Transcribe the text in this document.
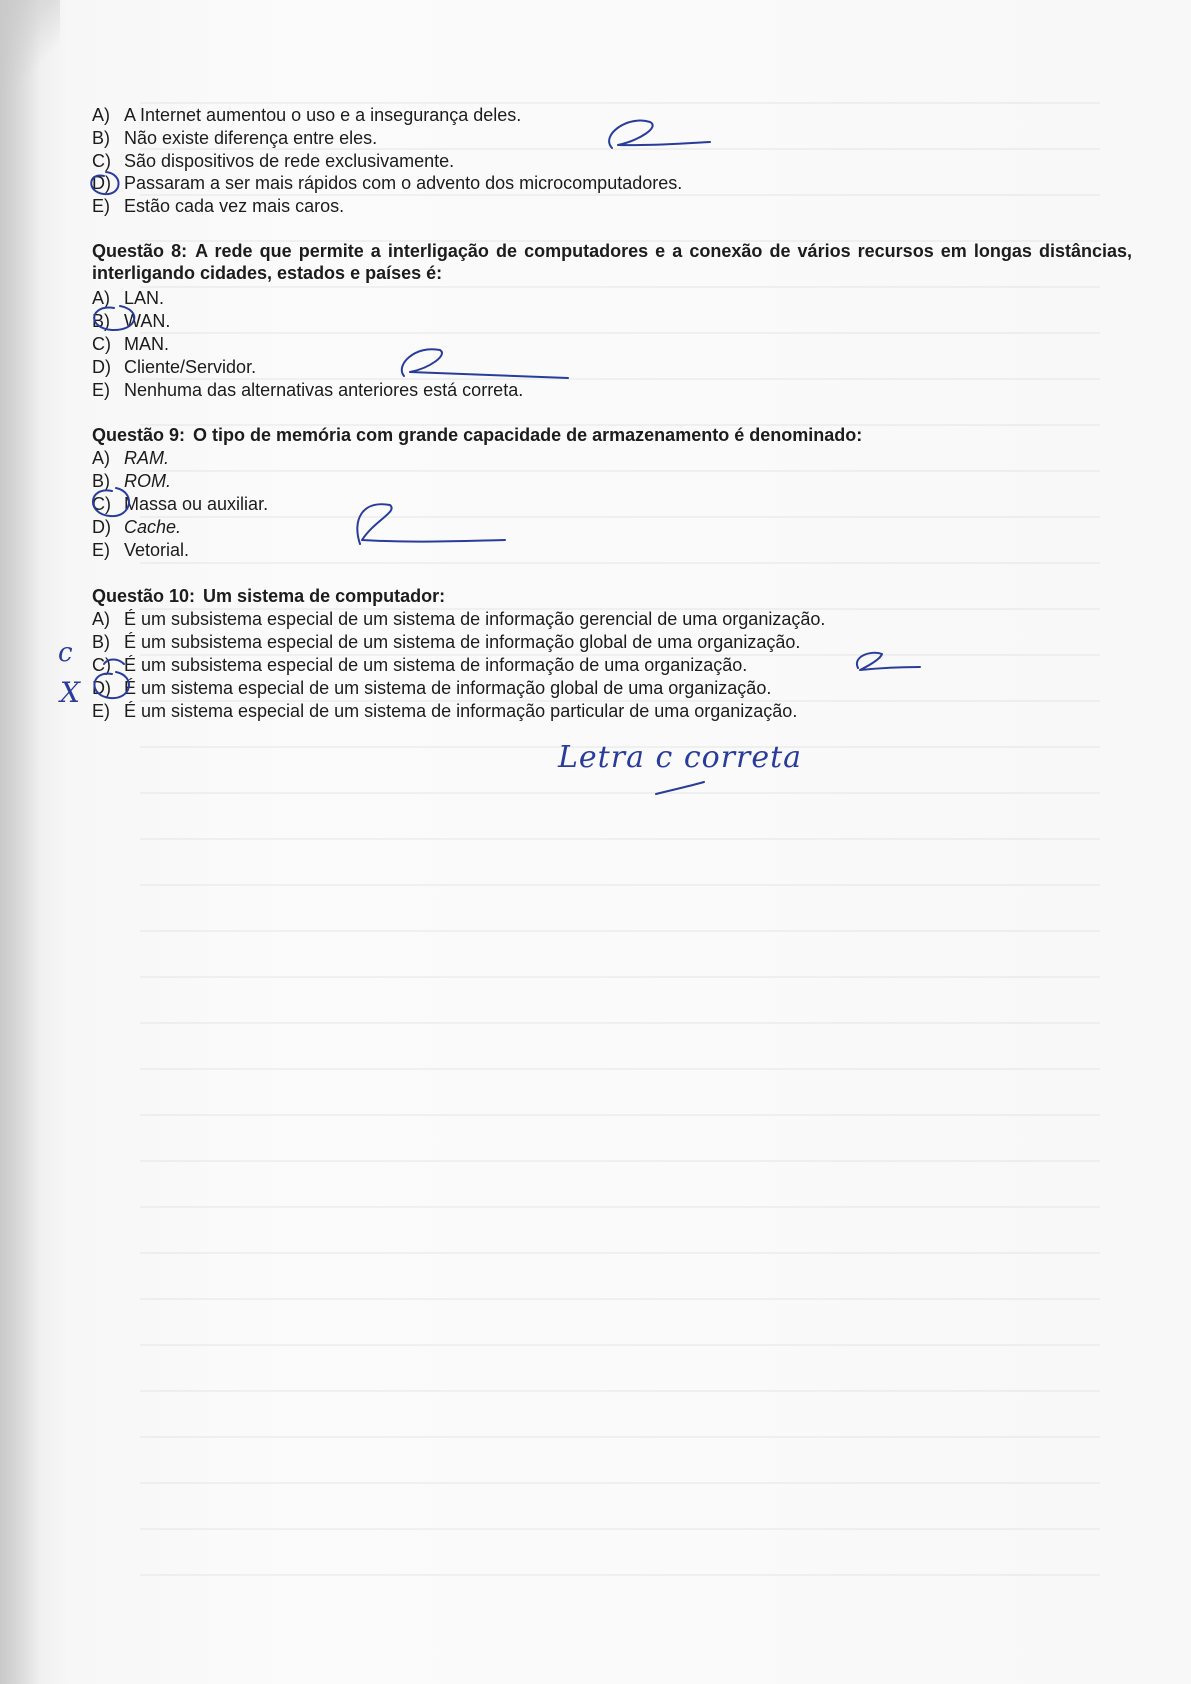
A) A Internet aumentou o uso e a insegurança deles.
B) Não existe diferença entre eles.
C) São dispositivos de rede exclusivamente.
D) Passaram a ser mais rápidos com o advento dos microcomputadores.
E) Estão cada vez mais caros.
Questão 8: A rede que permite a interligação de computadores e a conexão de vários recursos em longas distâncias, interligando cidades, estados e países é:
A) LAN.
B) WAN.
C) MAN.
D) Cliente/Servidor.
E) Nenhuma das alternativas anteriores está correta.
Questão 9: O tipo de memória com grande capacidade de armazenamento é denominado:
A) RAM.
B) ROM.
C) Massa ou auxiliar.
D) Cache.
E) Vetorial.
Questão 10: Um sistema de computador:
A) É um subsistema especial de um sistema de informação gerencial de uma organização.
B) É um subsistema especial de um sistema de informação global de uma organização.
C) É um subsistema especial de um sistema de informação de uma organização.
D) É um sistema especial de um sistema de informação global de uma organização.
E) É um sistema especial de um sistema de informação particular de uma organização.
c
X
Letra c correta
